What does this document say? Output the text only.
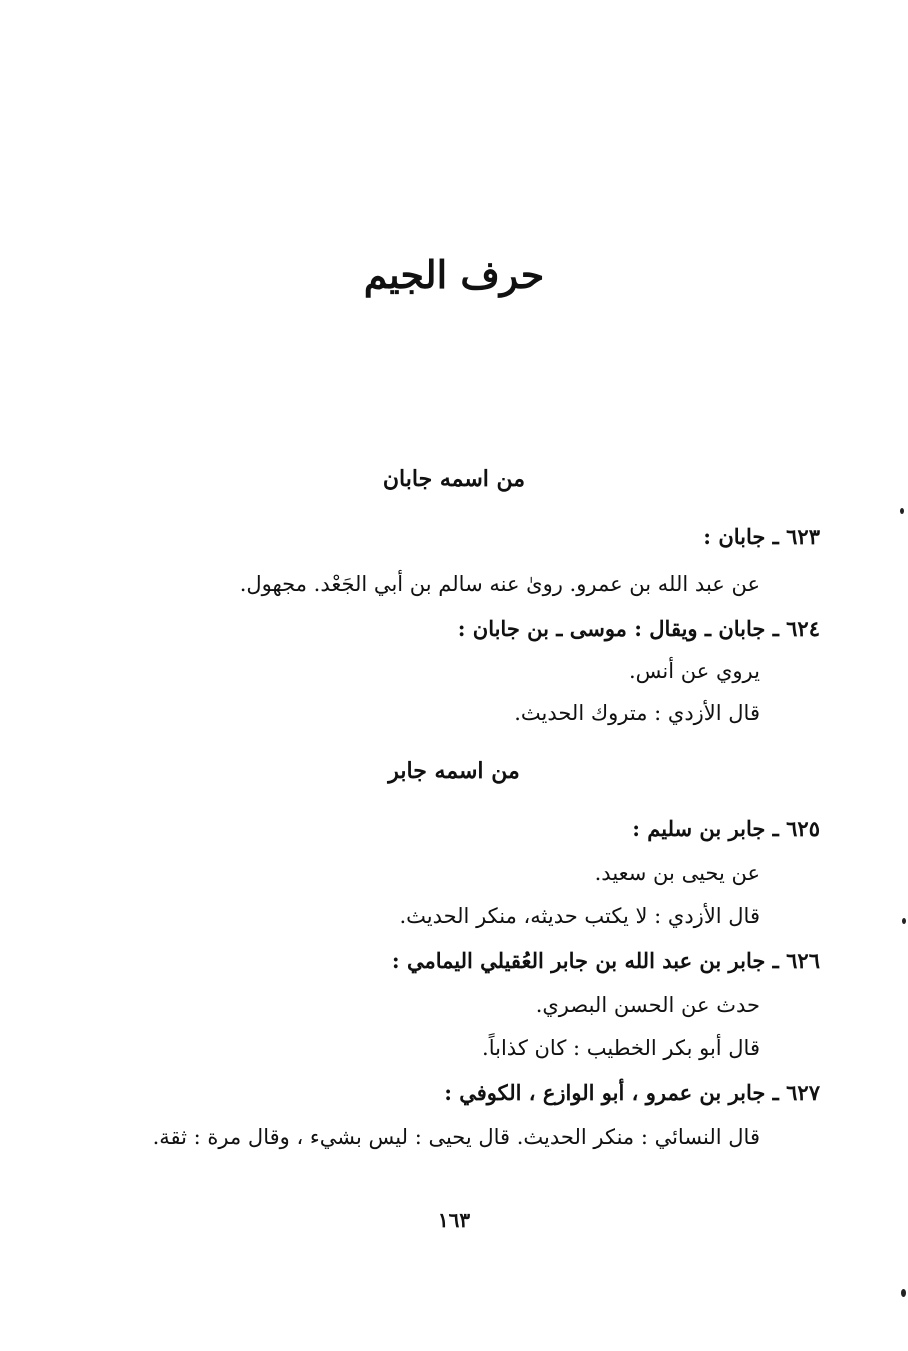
حرف الجيم
من اسمه جابان
٦٢٣ ـ جابان :
عن عبد الله بن عمرو. روىٰ عنه سالم بن أبي الجَعْد. مجهول.
٦٢٤ ـ جابان ـ ويقال : موسى ـ بن جابان :
يروي عن أنس.
قال الأزدي : متروك الحديث.
من اسمه جابر
٦٢٥ ـ جابر بن سليم :
عن يحيى بن سعيد.
قال الأزدي : لا يكتب حديثه، منكر الحديث.
٦٢٦ ـ جابر بن عبد الله بن جابر العُقيلي اليمامي :
حدث عن الحسن البصري.
قال أبو بكر الخطيب : كان كذاباً.
٦٢٧ ـ جابر بن عمرو ، أبو الوازع ، الكوفي :
قال النسائي : منكر الحديث. قال يحيى : ليس بشيء ، وقال مرة : ثقة.
١٦٣
